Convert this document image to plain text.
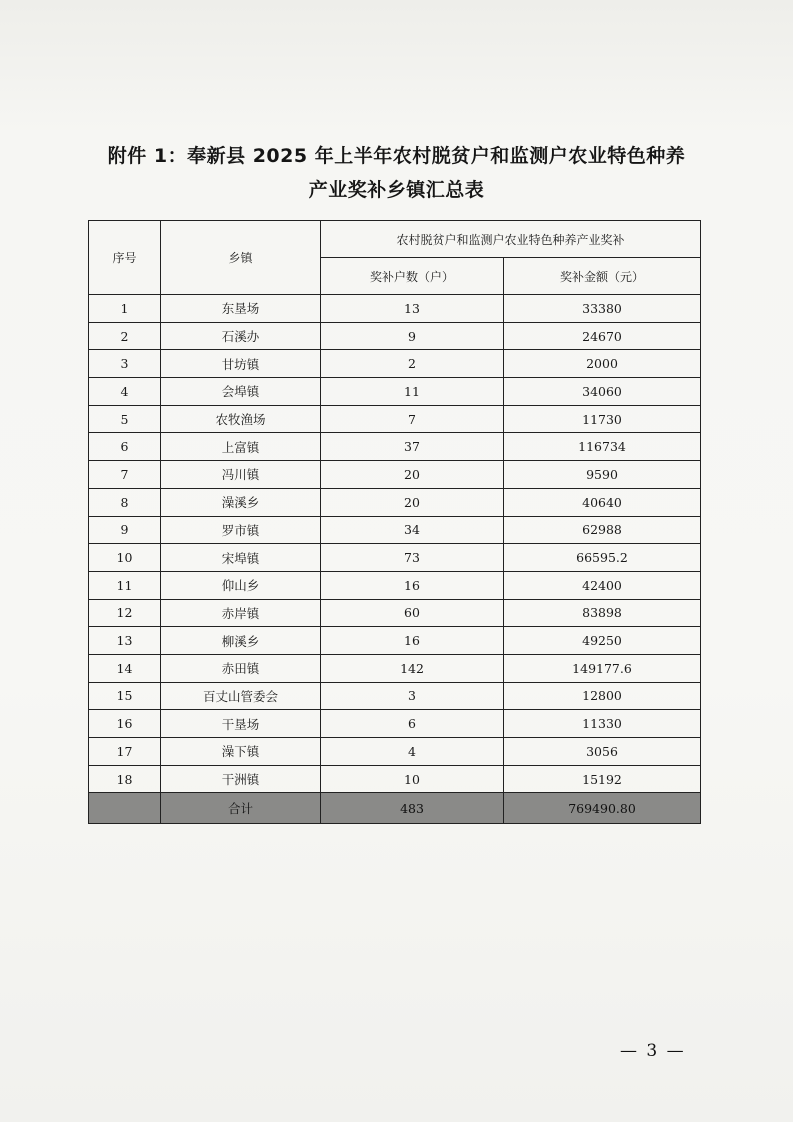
附件 1：奉新县 2025 年上半年农村脱贫户和监测户农业特色种养
产业奖补乡镇汇总表
序号	乡镇	农村脱贫户和监测户农业特色种养产业奖补	
		奖补户数（户）	奖补金额（元）
1	东垦场	13	33380
2	石溪办	9	24670
3	甘坊镇	2	2000
4	会埠镇	11	34060
5	农牧渔场	7	11730
6	上富镇	37	116734
7	冯川镇	20	9590
8	澡溪乡	20	40640
9	罗市镇	34	62988
10	宋埠镇	73	66595.2
11	仰山乡	16	42400
12	赤岸镇	60	83898
13	柳溪乡	16	49250
14	赤田镇	142	149177.6
15	百丈山管委会	3	12800
16	干垦场	6	11330
17	澡下镇	4	3056
18	干洲镇	10	15192
	合计	483	769490.80
— 3 —
